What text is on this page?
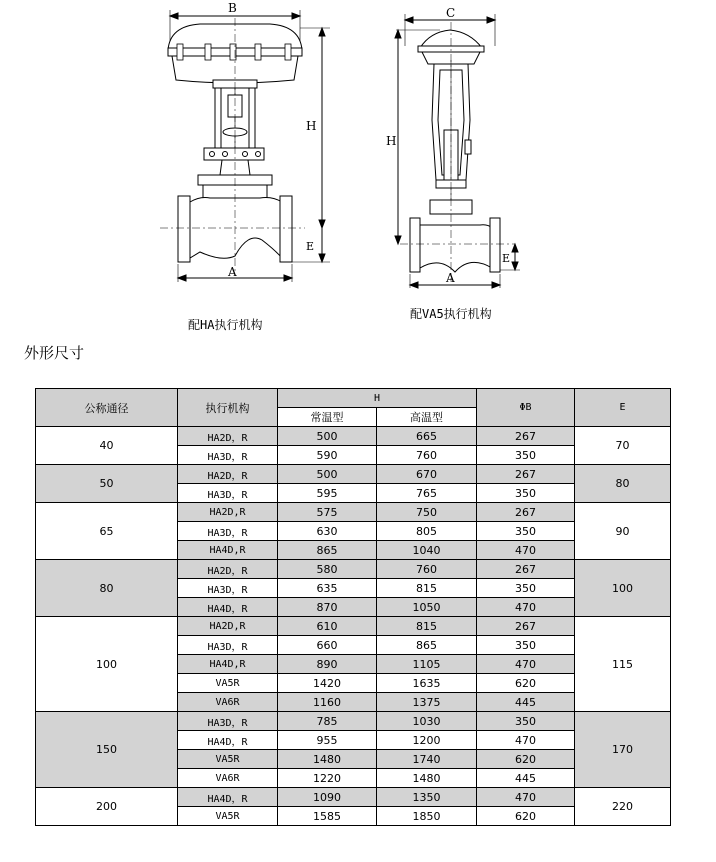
B
H
E
A
配HA执行机构
C
H
E
A
配VA5执行机构
外形尺寸
公称通径	执行机构	H		ΦB	E
		常温型	高温型		
40	HA2D，R	500	665	267	70
	HA3D，R	590	760	350	
50	HA2D，R	500	670	267	80
	HA3D，R	595	765	350	
65	HA2D,R	575	750	267	90
	HA3D，R	630	805	350	
	HA4D,R	865	1040	470	
80	HA2D，R	580	760	267	100
	HA3D，R	635	815	350	
	HA4D，R	870	1050	470	
100	HA2D,R	610	815	267	115
	HA3D，R	660	865	350	
	HA4D,R	890	1105	470	
	VA5R	1420	1635	620	
	VA6R	1160	1375	445	
150	HA3D，R	785	1030	350	170
	HA4D，R	955	1200	470	
	VA5R	1480	1740	620	
	VA6R	1220	1480	445	
200	HA4D，R	1090	1350	470	220
	VA5R	1585	1850	620	
